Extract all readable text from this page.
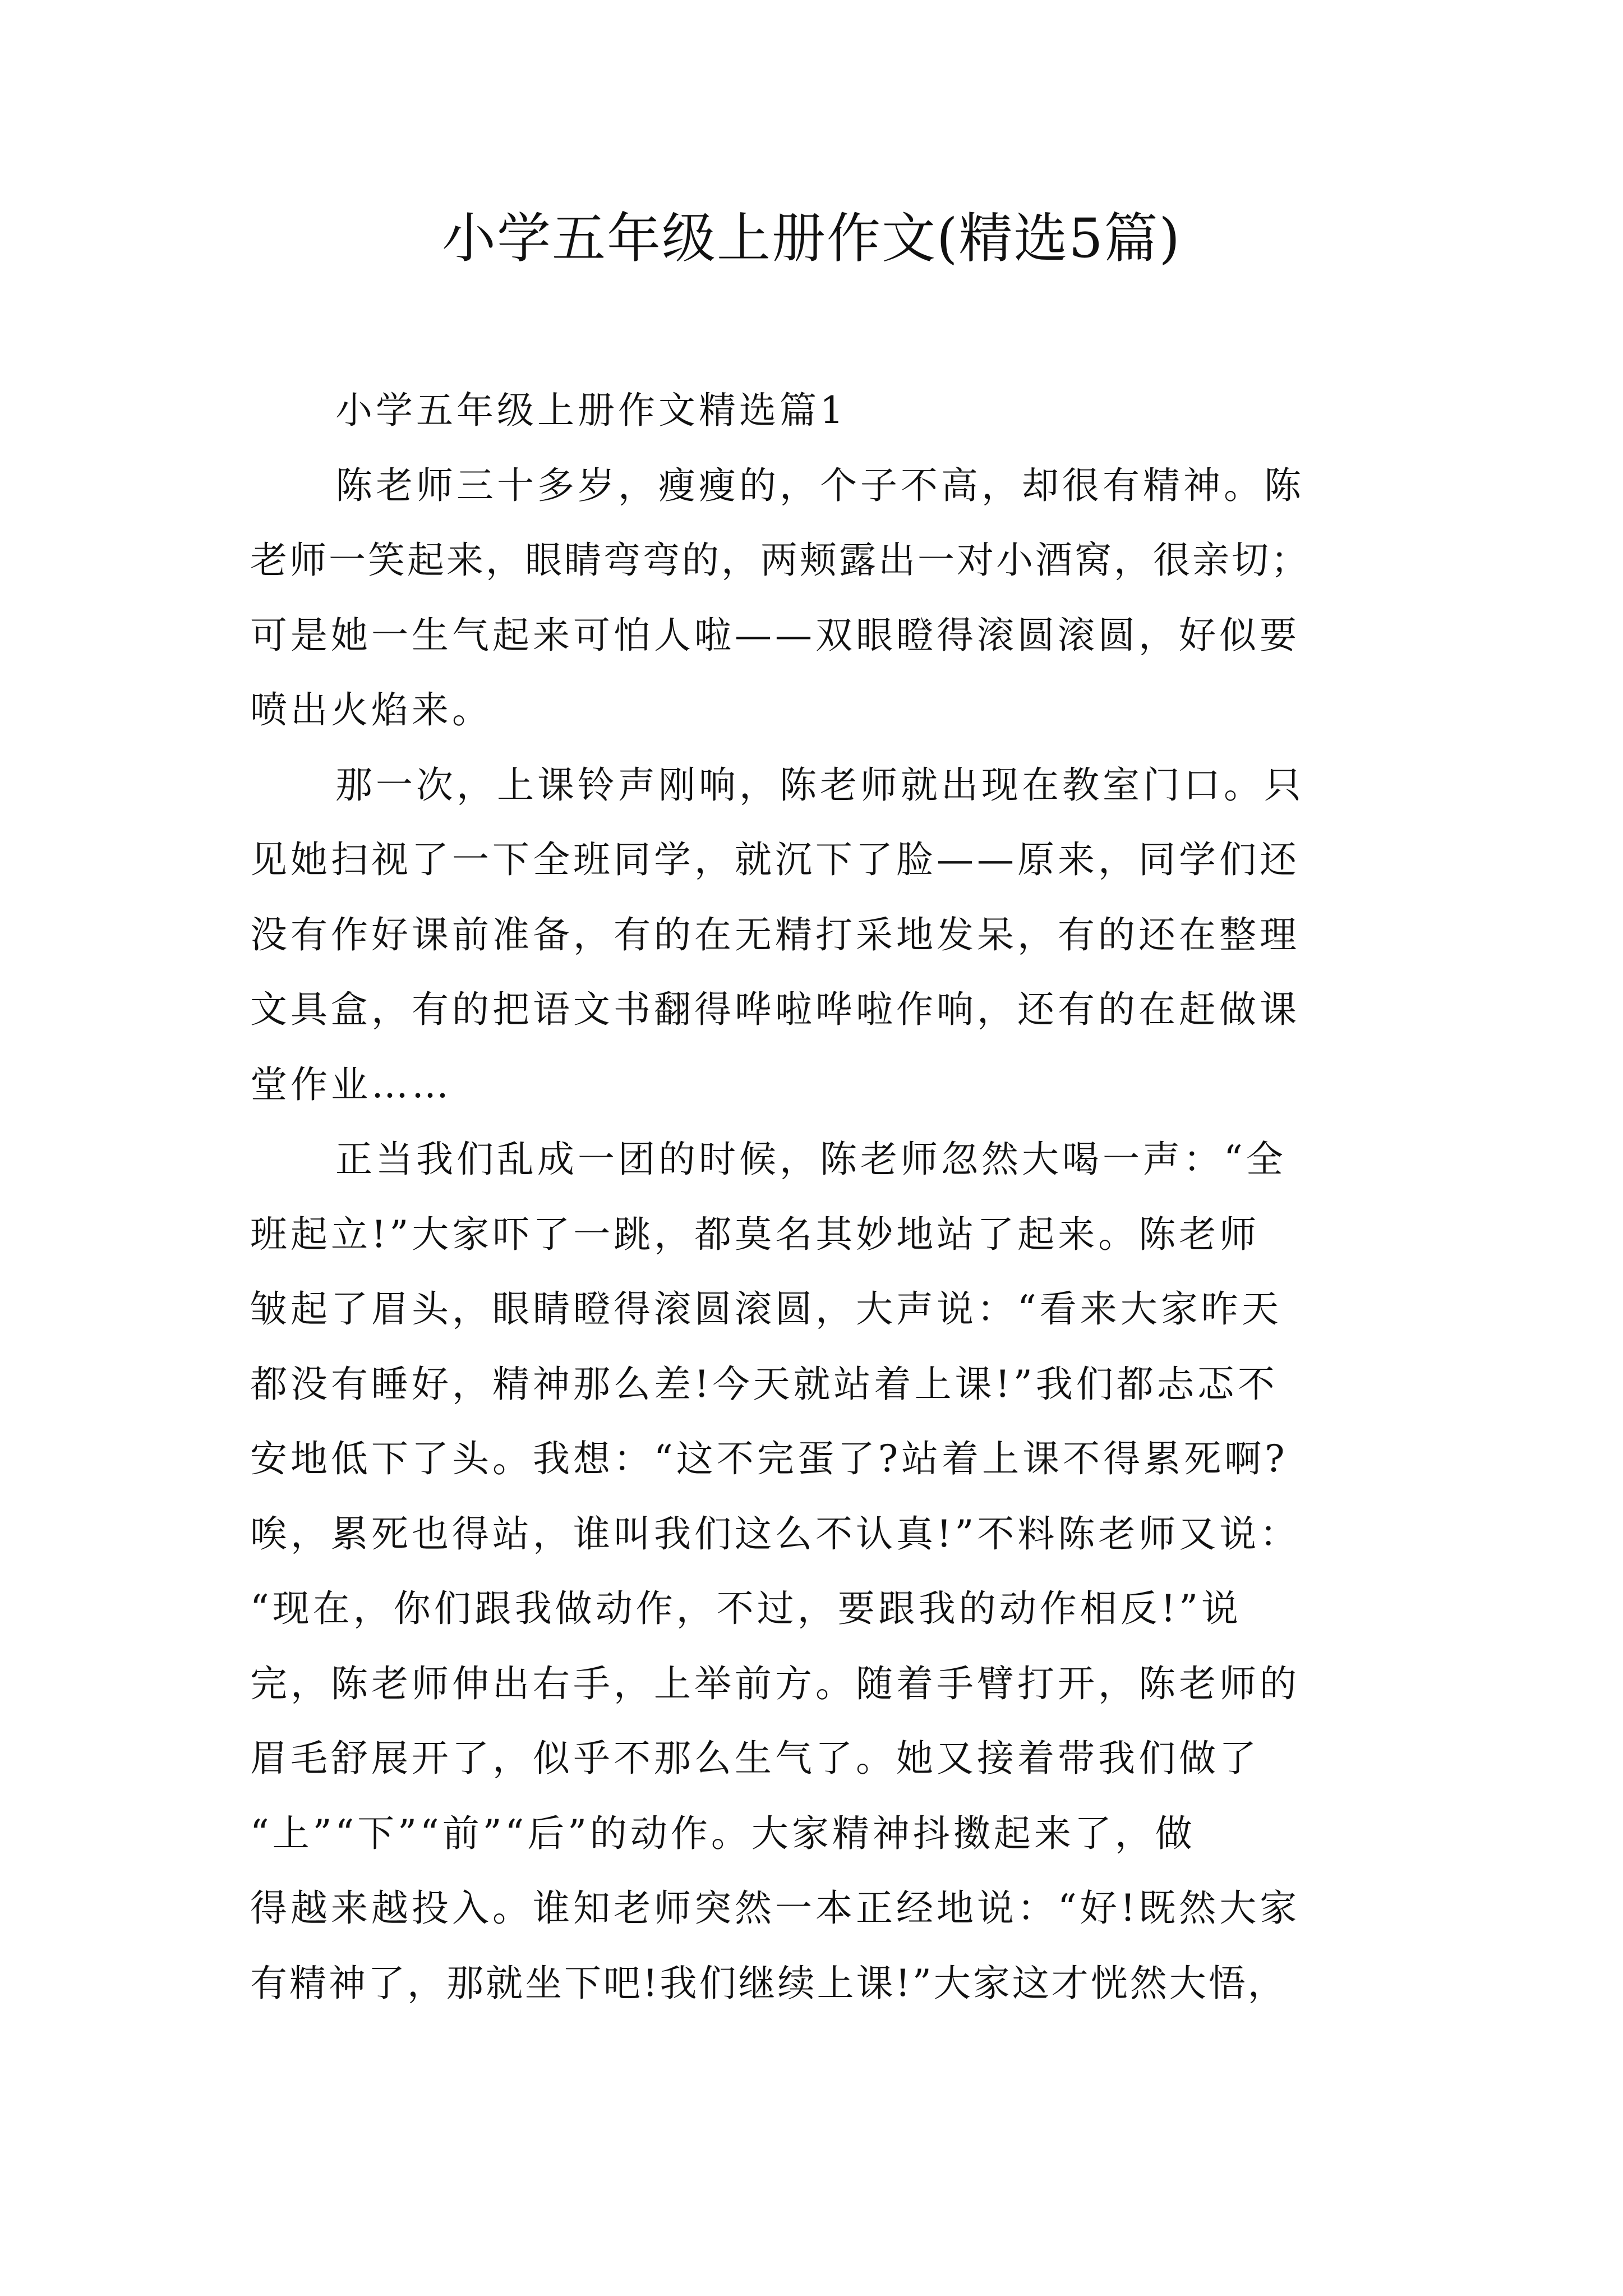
小学五年级上册作文(精选5篇)
小学五年级上册作文精选篇1
陈老师三十多岁，瘦瘦的，个子不高，却很有精神。陈
老师一笑起来，眼睛弯弯的，两颊露出一对小酒窝，很亲切；
可是她一生气起来可怕人啦——双眼瞪得滚圆滚圆，好似要
喷出火焰来。
那一次，上课铃声刚响，陈老师就出现在教室门口。只
见她扫视了一下全班同学，就沉下了脸——原来，同学们还
没有作好课前准备，有的在无精打采地发呆，有的还在整理
文具盒，有的把语文书翻得哗啦哗啦作响，还有的在赶做课
堂作业……
正当我们乱成一团的时候，陈老师忽然大喝一声：“全
班起立!”大家吓了一跳，都莫名其妙地站了起来。陈老师
皱起了眉头，眼睛瞪得滚圆滚圆，大声说：“看来大家昨天
都没有睡好，精神那么差!今天就站着上课!”我们都忐忑不
安地低下了头。我想：“这不完蛋了?站着上课不得累死啊?
唉，累死也得站，谁叫我们这么不认真!”不料陈老师又说：
“现在，你们跟我做动作，不过，要跟我的动作相反!”说
完，陈老师伸出右手，上举前方。随着手臂打开，陈老师的
眉毛舒展开了，似乎不那么生气了。她又接着带我们做了
“上”“下”“前”“后”的动作。大家精神抖擞起来了，做
得越来越投入。谁知老师突然一本正经地说：“好!既然大家
有精神了，那就坐下吧!我们继续上课!”大家这才恍然大悟，
